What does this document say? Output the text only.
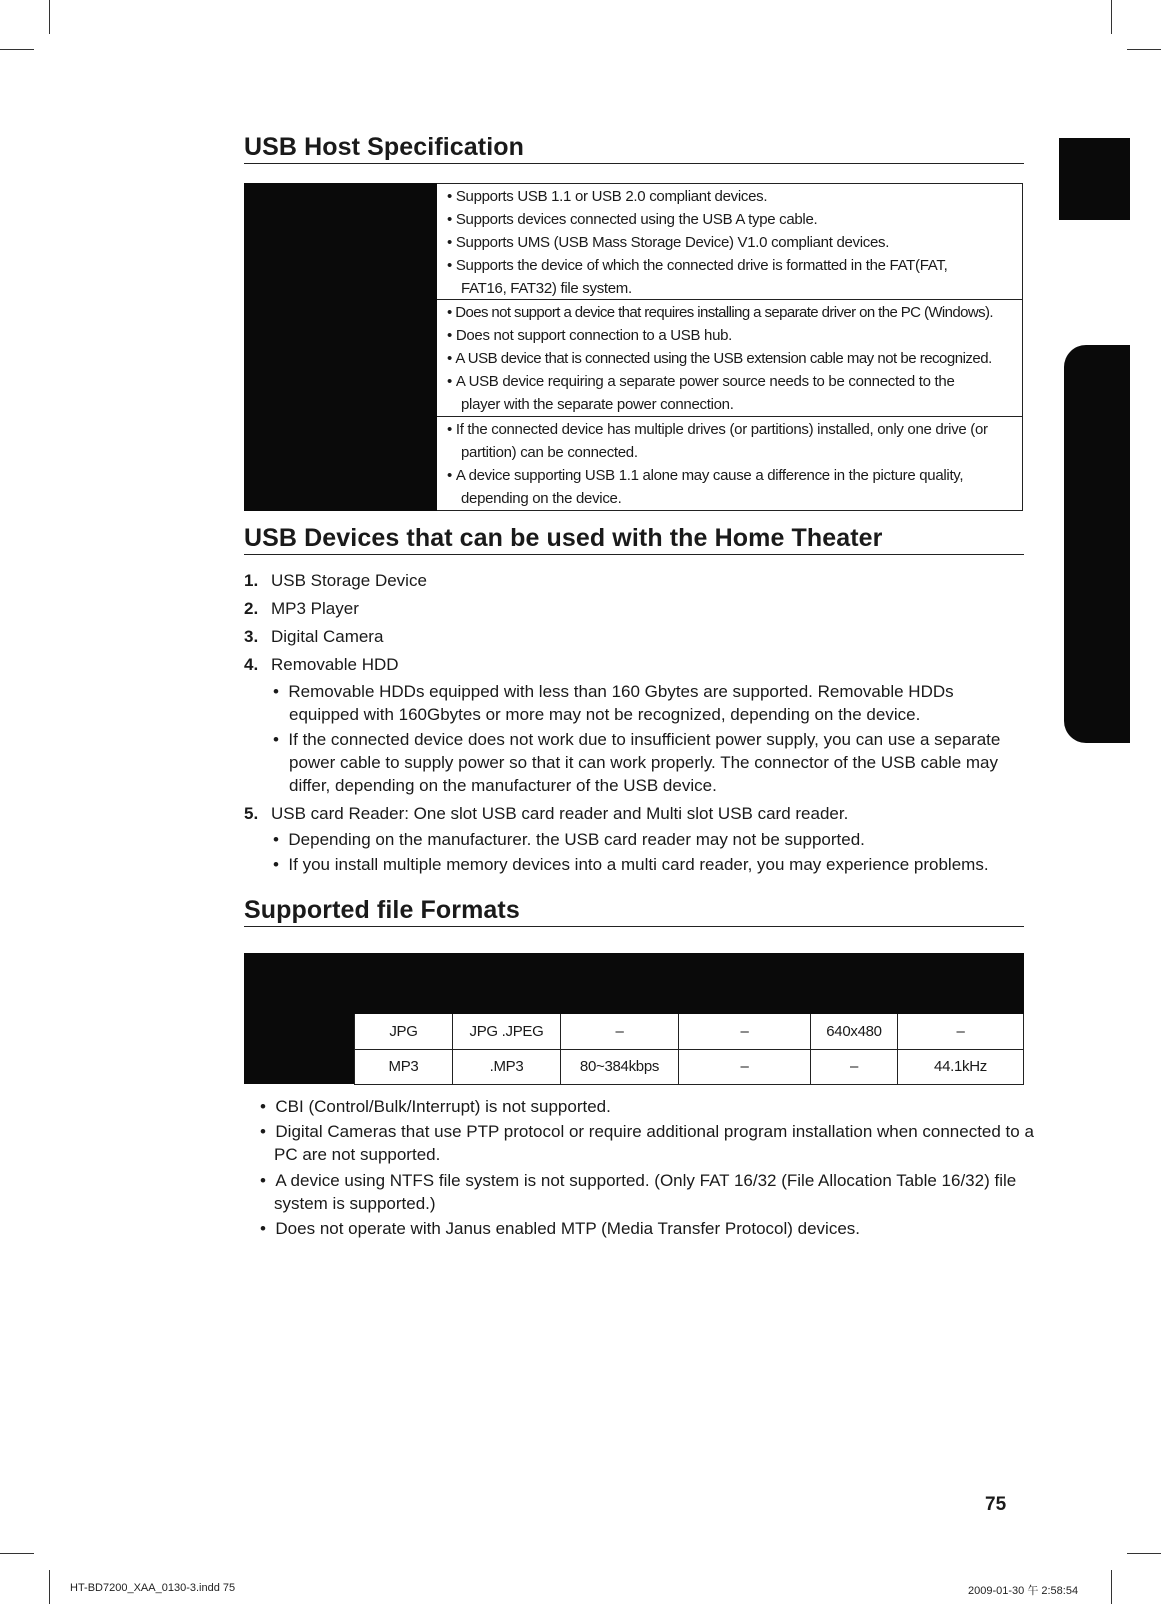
USB Host Specification
• Supports USB 1.1 or USB 2.0 compliant devices.
• Supports devices connected using the USB A type cable.
• Supports UMS (USB Mass Storage Device) V1.0 compliant devices.
• Supports the device of which the connected drive is formatted in the FAT(FAT, FAT16, FAT32) file system.
• Does not support a device that requires installing a separate driver on the PC (Windows).
• Does not support connection to a USB hub.
• A USB device that is connected using the USB extension cable may not be recognized.
• A USB device requiring a separate power source needs to be connected to the player with the separate power connection.
• If the connected device has multiple drives (or partitions) installed, only one drive (or partition) can be connected.
• A device supporting USB 1.1 alone may cause a difference in the picture quality, depending on the device.
USB Devices that can be used with the Home Theater
1. USB Storage Device
2. MP3 Player
3. Digital Camera
4. Removable HDD
•  Removable HDDs equipped with less than 160 Gbytes are supported. Removable HDDs equipped with 160Gbytes or more may not be recognized, depending on the device.
•  If the connected device does not work due to insufficient power supply, you can use a separate power cable to supply power so that it can work properly. The connector of the USB cable may differ, depending on the manufacturer of the USB device.
5. USB card Reader: One slot USB card reader and Multi slot USB card reader.
•  Depending on the manufacturer. the USB card reader may not be supported.
•  If you install multiple memory devices into a multi card reader, you may experience problems.
Supported file Formats
JPG	JPG .JPEG	–	–	640x480	–
MP3	.MP3	80~384kbps	–	–	44.1kHz
•  CBI (Control/Bulk/Interrupt) is not supported.
•  Digital Cameras that use PTP protocol or require additional program installation when connected to a PC are not supported.
•  A device using NTFS file system is not supported. (Only FAT 16/32 (File Allocation Table 16/32) file system is supported.)
•  Does not operate with Janus enabled MTP (Media Transfer Protocol) devices.
75
HT-BD7200_XAA_0130-3.indd 75	2009-01-30 午 2:58:54
